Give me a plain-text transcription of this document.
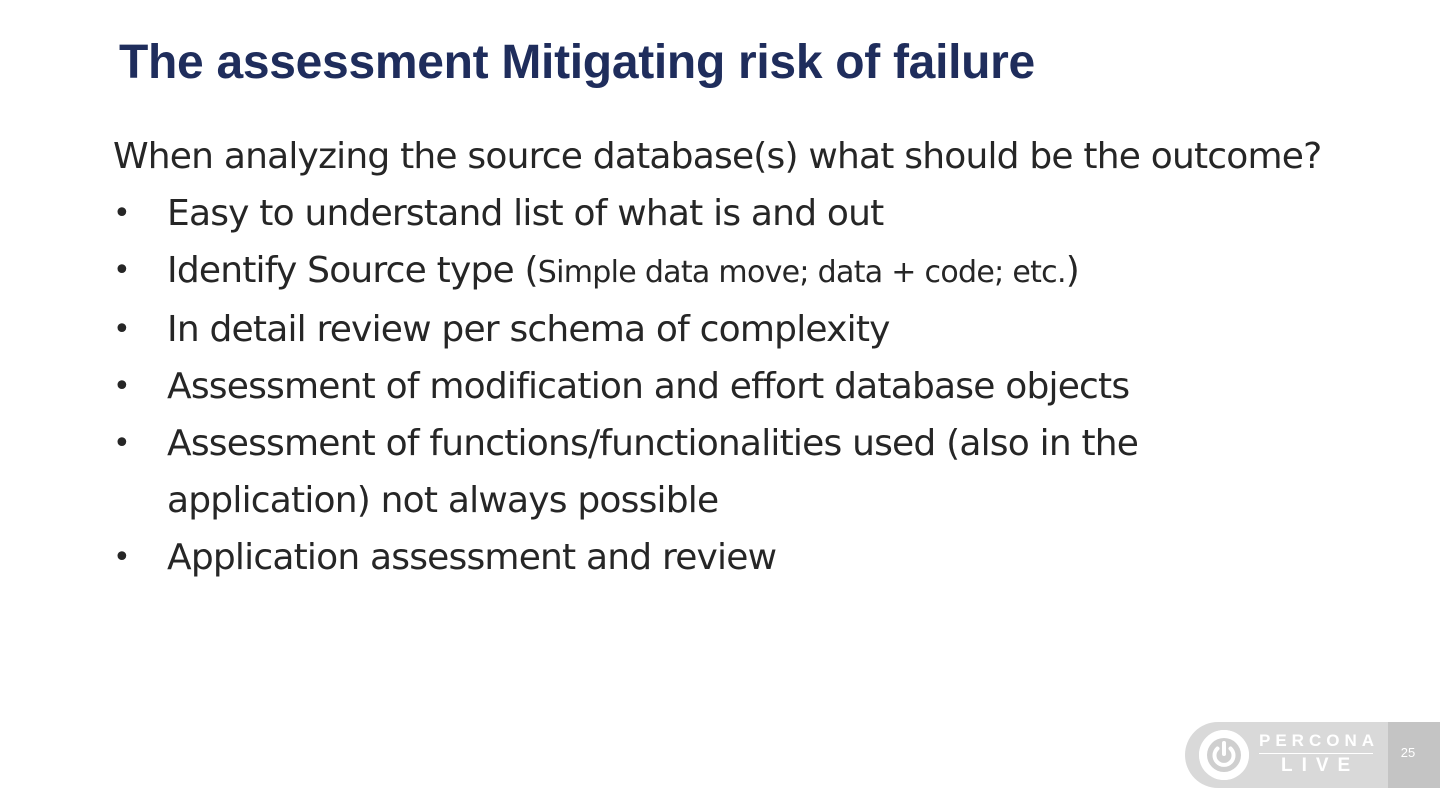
The assessment Mitigating risk of failure

When analyzing the source database(s) what should be the outcome?

• Easy to understand list of what is and out
• Identify Source type (Simple data move; data + code; etc.)
• In detail review per schema of complexity
• Assessment of modification and effort database objects
• Assessment of functions/functionalities used (also in the application) not always possible
• Application assessment and review
PERCONA
LIVE
25
